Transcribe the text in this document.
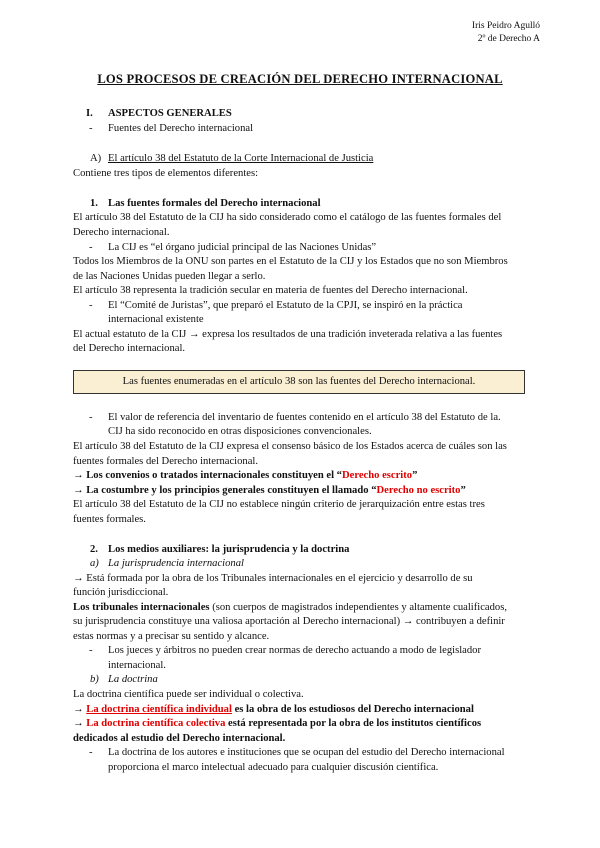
Iris Peidro Agulló
2º de Derecho A
LOS PROCESOS DE CREACIÓN DEL DERECHO INTERNACIONAL
I. ASPECTOS GENERALES
- Fuentes del Derecho internacional
A) El artículo 38 del Estatuto de la Corte Internacional de Justicia
Contiene tres tipos de elementos diferentes:
1. Las fuentes formales del Derecho internacional
El artículo 38 del Estatuto de la CIJ ha sido considerado como el catálogo de las fuentes formales del
Derecho internacional.
- La CIJ es “el órgano judicial principal de las Naciones Unidas”
Todos los Miembros de la ONU son partes en el Estatuto de la CIJ y los Estados que no son Miembros
de las Naciones Unidas pueden llegar a serlo.
El artículo 38 representa la tradición secular en materia de fuentes del Derecho internacional.
- El “Comité de Juristas”, que preparó el Estatuto de la CPJI, se inspiró en la práctica
internacional existente
El actual estatuto de la CIJ → expresa los resultados de una tradición inveterada relativa a las fuentes
del Derecho internacional.
Las fuentes enumeradas en el artículo 38 son las fuentes del Derecho internacional.
- El valor de referencia del inventario de fuentes contenido en el artículo 38 del Estatuto de la.
CIJ ha sido reconocido en otras disposiciones convencionales.
El artículo 38 del Estatuto de la CIJ expresa el consenso básico de los Estados acerca de cuáles son las
fuentes formales del Derecho internacional.
→ Los convenios o tratados internacionales constituyen el “Derecho escrito”
→ La costumbre y los principios generales constituyen el llamado “Derecho no escrito”
El artículo 38 del Estatuto de la CIJ no establece ningún criterio de jerarquización entre estas tres
fuentes formales.
2. Los medios auxiliares: la jurisprudencia y la doctrina
a) La jurisprudencia internacional
→ Está formada por la obra de los Tribunales internacionales en el ejercicio y desarrollo de su
función jurisdiccional.
Los tribunales internacionales (son cuerpos de magistrados independientes y altamente cualificados,
su jurisprudencia constituye una valiosa aportación al Derecho internacional) → contribuyen a definir
estas normas y a precisar su sentido y alcance.
- Los jueces y árbitros no pueden crear normas de derecho actuando a modo de legislador
internacional.
b) La doctrina
La doctrina científica puede ser individual o colectiva.
→ La doctrina científica individual es la obra de los estudiosos del Derecho internacional
→ La doctrina científica colectiva está representada por la obra de los institutos científicos
dedicados al estudio del Derecho internacional.
- La doctrina de los autores e instituciones que se ocupan del estudio del Derecho internacional
proporciona el marco intelectual adecuado para cualquier discusión científica.
